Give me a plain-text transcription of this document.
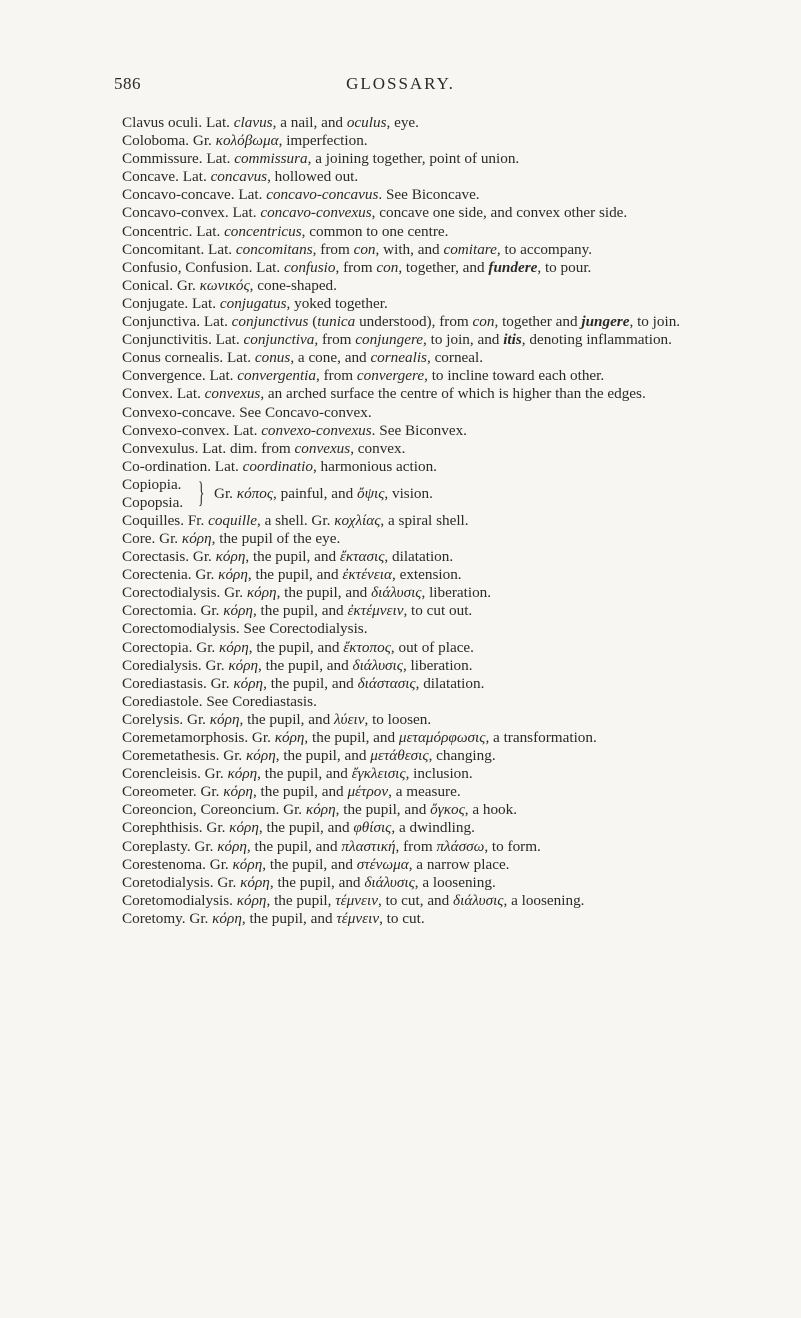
586	GLOSSARY.

Clavus oculi. Lat. clavus, a nail, and oculus, eye.

Coloboma. Gr. κολόβωμα, imperfection.

Commissure. Lat. commissura, a joining together, point of union.

Concave. Lat. concavus, hollowed out.

Concavo-concave. Lat. concavo-concavus. See Biconcave.

Concavo-convex. Lat. concavo-convexus, concave one side, and convex other side.

Concentric. Lat. concentricus, common to one centre.

Concomitant. Lat. concomitans, from con, with, and comitare, to accompany.

Confusio, Confusion. Lat. confusio, from con, together, and fundere, to pour.

Conical. Gr. κωνικός, cone-shaped.

Conjugate. Lat. conjugatus, yoked together.

Conjunctiva. Lat. conjunctivus (tunica understood), from con, together and jungere, to join.

Conjunctivitis. Lat. conjunctiva, from conjungere, to join, and itis, denoting inflammation.

Conus cornealis. Lat. conus, a cone, and cornealis, corneal.

Convergence. Lat. convergentia, from convergere, to incline toward each other.

Convex. Lat. convexus, an arched surface the centre of which is higher than the edges.

Convexo-concave. See Concavo-convex.

Convexo-convex. Lat. convexo-convexus. See Biconvex.

Convexulus. Lat. dim. from convexus, convex.

Co-ordination. Lat. coordinatio, harmonious action.

Copiopia.
Copopsia. } Gr. κόπος, painful, and ὄψις, vision.

Coquilles. Fr. coquille, a shell. Gr. κοχλίας, a spiral shell.

Core. Gr. κόρη, the pupil of the eye.

Corectasis. Gr. κόρη, the pupil, and ἔκτασις, dilatation.

Corectenia. Gr. κόρη, the pupil, and ἐκτένεια, extension.

Corectodialysis. Gr. κόρη, the pupil, and διάλυσις, liberation.

Corectomia. Gr. κόρη, the pupil, and ἐκτέμνειν, to cut out.

Corectomodialysis. See Corectodialysis.

Corectopia. Gr. κόρη, the pupil, and ἔκτοπος, out of place.

Coredialysis. Gr. κόρη, the pupil, and διάλυσις, liberation.

Corediastasis. Gr. κόρη, the pupil, and διάστασις, dilatation.

Corediastole. See Corediastasis.

Corelysis. Gr. κόρη, the pupil, and λύειν, to loosen.

Coremetamorphosis. Gr. κόρη, the pupil, and μεταμόρφωσις, a transformation.

Coremetathesis. Gr. κόρη, the pupil, and μετάθεσις, changing.

Corencleisis. Gr. κόρη, the pupil, and ἔγκλεισις, inclusion.

Coreometer. Gr. κόρη, the pupil, and μέτρον, a measure.

Coreoncion, Coreoncium. Gr. κόρη, the pupil, and ὄγκος, a hook.

Corephthisis. Gr. κόρη, the pupil, and φθίσις, a dwindling.

Coreplasty. Gr. κόρη, the pupil, and πλαστική, from πλάσσω, to form.

Corestenoma. Gr. κόρη, the pupil, and στένωμα, a narrow place.

Coretodialysis. Gr. κόρη, the pupil, and διάλυσις, a loosening.

Coretomodialysis. κόρη, the pupil, τέμνειν, to cut, and διάλυσις, a loosening.

Coretomy. Gr. κόρη, the pupil, and τέμνειν, to cut.
